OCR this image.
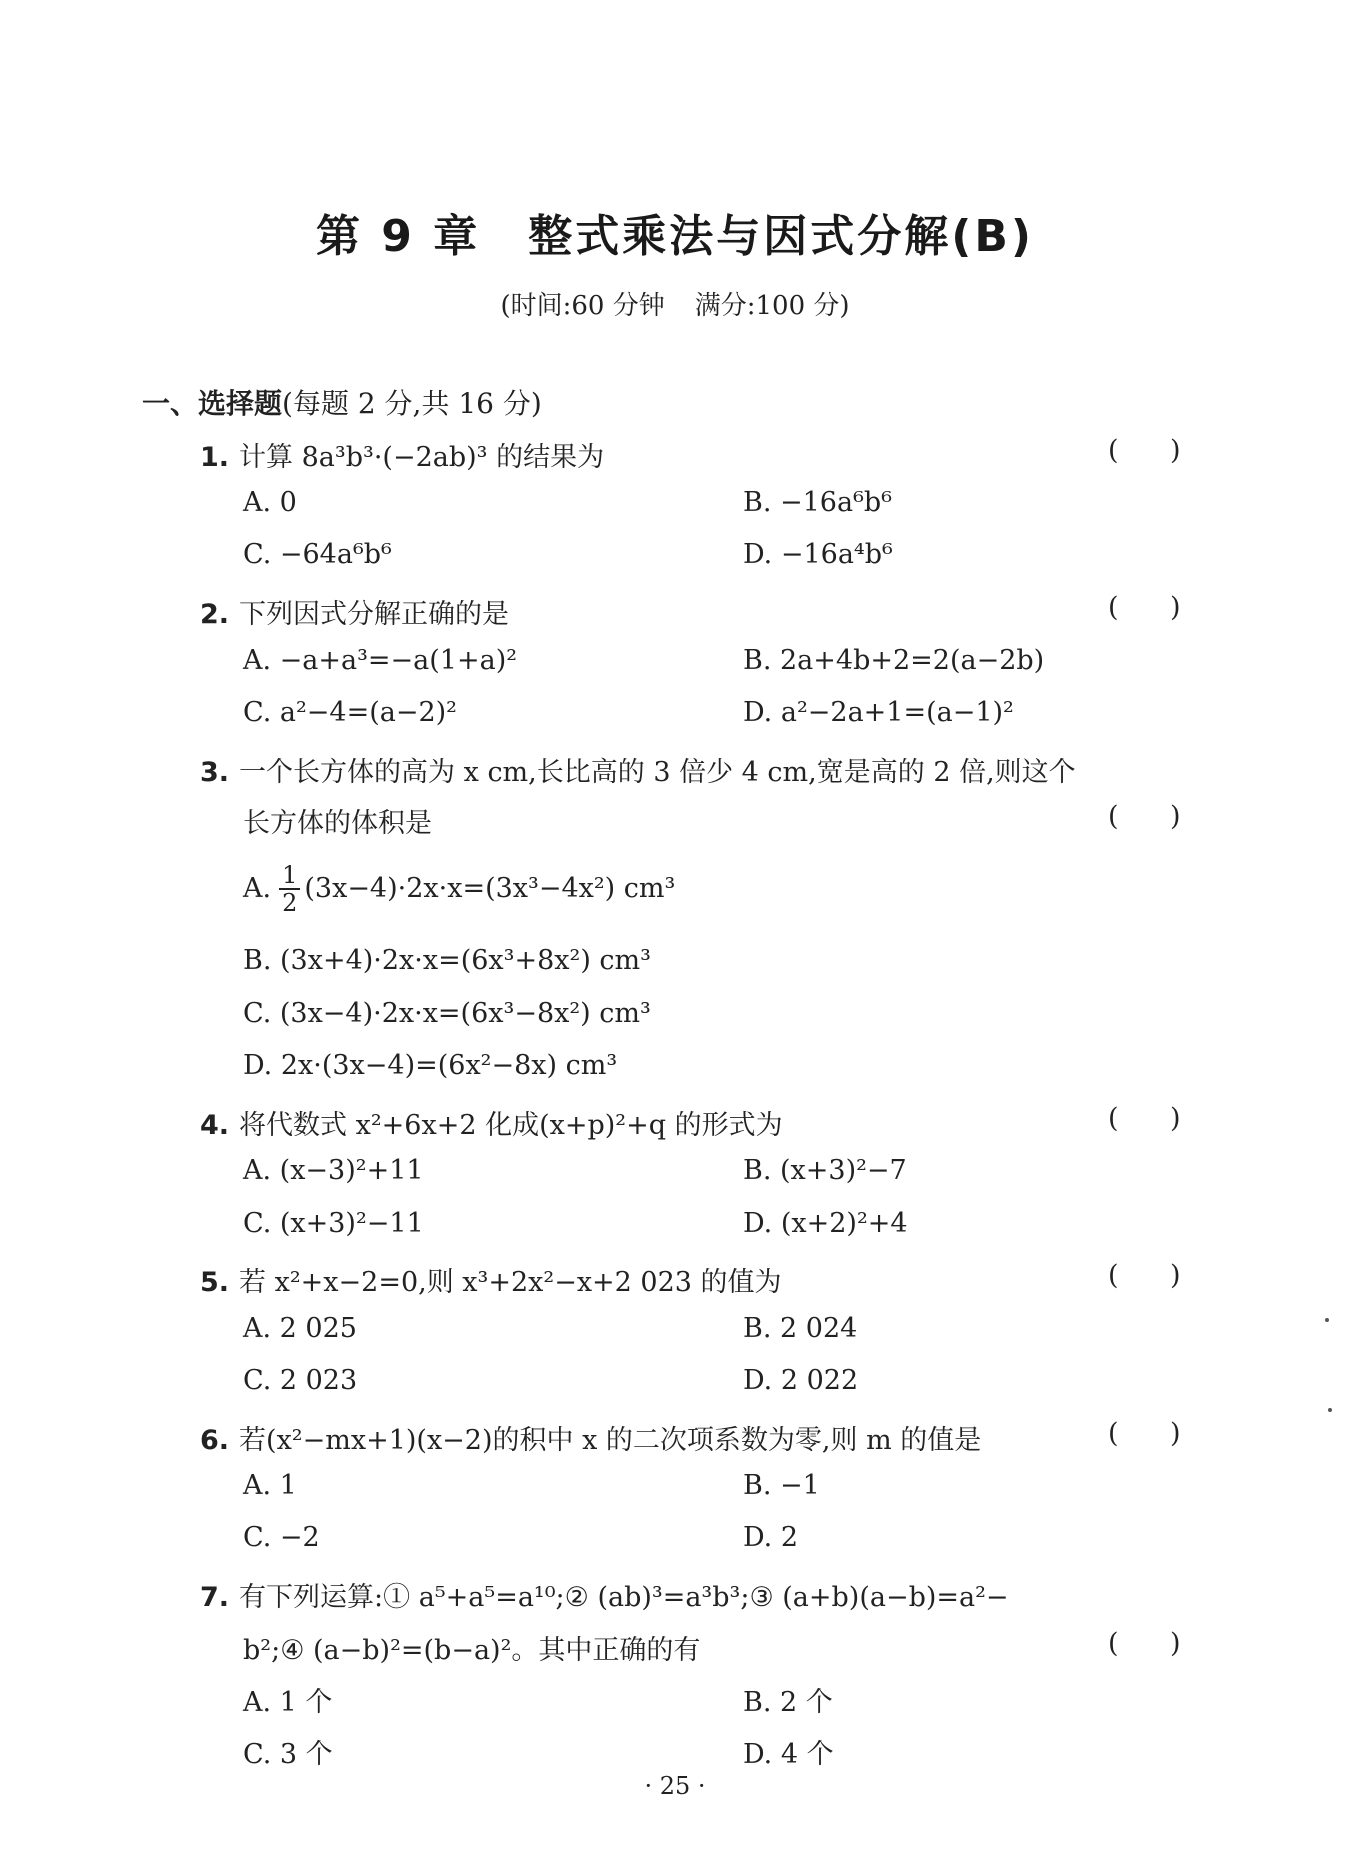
第 9 章 整式乘法与因式分解(B)
(时间:60 分钟 满分:100 分)
一、选择题(每题 2 分,共 16 分)
1. 计算 8a³b³·(−2ab)³ 的结果为	(      )
A. 0	B. −16a⁶b⁶
C. −64a⁶b⁶	D. −16a⁴b⁶
2. 下列因式分解正确的是	(      )
A. −a+a³=−a(1+a)²	B. 2a+4b+2=2(a−2b)
C. a²−4=(a−2)²	D. a²−2a+1=(a−1)²
3. 一个长方体的高为 x cm,长比高的 3 倍少 4 cm,宽是高的 2 倍,则这个
长方体的体积是	(      )
A. $\frac{1}{2} (3x-4)\cdot 2x\cdot x=(3x^3-4x^2)$ cm³
B. (3x+4)·2x·x=(6x³+8x²) cm³
C. (3x−4)·2x·x=(6x³−8x²) cm³
D. 2x·(3x−4)=(6x²−8x) cm³
4. 将代数式 x²+6x+2 化成(x+p)²+q 的形式为	(      )
A. (x−3)²+11	B. (x+3)²−7
C. (x+3)²−11	D. (x+2)²+4
5. 若 x²+x−2=0,则 x³+2x²−x+2 023 的值为	(      )
A. 2 025	B. 2 024
C. 2 023	D. 2 022
6. 若(x²−mx+1)(x−2)的积中 x 的二次项系数为零,则 m 的值是	(      )
A. 1	B. −1
C. −2	D. 2
7. 有下列运算:① a⁵+a⁵=a¹⁰;② (ab)³=a³b³;③ (a+b)(a−b)=a²−
b²;④ (a−b)²=(b−a)²。其中正确的有	(      )
A. 1 个	B. 2 个
C. 3 个	D. 4 个
· 25 ·
